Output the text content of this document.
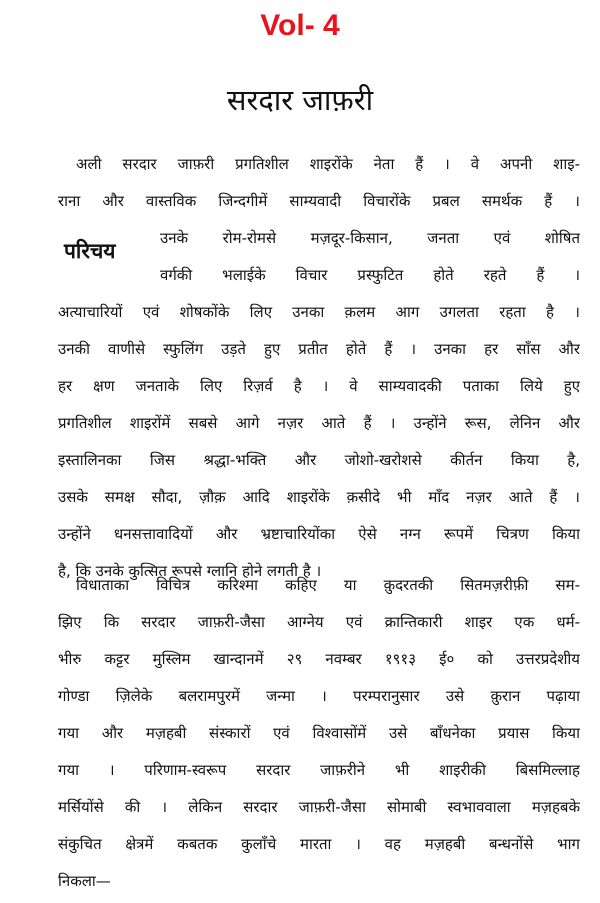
Vol- 4
सरदार जाफ़री
परिचय
अली सरदार जाफ़री प्रगतिशील शाइरोंके नेता हैं । वे अपनी शाइ-
राना और वास्तविक जिन्दगीमें साम्यवादी विचारोंके प्रबल समर्थक हैं ।
उनके रोम-रोमसे मज़दूर-किसान, जनता एवं शोषित
वर्गकी भलाईके विचार प्रस्फुटित होते रहते हैं ।
अत्याचारियों एवं शोषकोंके लिए उनका क़लम आग उगलता रहता है ।
उनकी वाणीसे स्फुलिंग उड़ते हुए प्रतीत होते हैं । उनका हर साँस और
हर क्षण जनताके लिए रिज़र्व है । वे साम्यवादकी पताका लिये हुए
प्रगतिशील शाइरोंमें सबसे आगे नज़र आते हैं । उन्होंने रूस, लेनिन और
इस्तालिनका जिस श्रद्धा-भक्ति और जोशो-खरोशसे कीर्तन किया है,
उसके समक्ष सौदा, ज़ौक़ आदि शाइरोंके क़सीदे भी माँद नज़र आते हैं ।
उन्होंने धनसत्तावादियों और भ्रष्टाचारियोंका ऐसे नग्न रूपमें चित्रण किया
है, कि उनके कुत्सित रूपसे ग्लानि होने लगती है ।
विधाताका विचित्र करिश्मा कहिए या क़ुदरतकी सितमज़रीफ़ी सम-
झिए कि सरदार जाफ़री-जैसा आग्नेय एवं क्रान्तिकारी शाइर एक धर्म-
भीरु कट्टर मुस्लिम खान्दानमें २९ नवम्बर १९१३ ई० को उत्तरप्रदेशीय
गोण्डा ज़िलेके बलरामपुरमें जन्मा । परम्परानुसार उसे क़ुरान पढ़ाया
गया और मज़हबी संस्कारों एवं विश्वासोंमें उसे बाँधनेका प्रयास किया
गया । परिणाम-स्वरूप सरदार जाफ़रीने भी शाइरीकी बिसमिल्लाह
मर्सियोंसे की । लेकिन सरदार जाफ़री-जैसा सोमाबी स्वभाववाला मज़हबके
संकुचित क्षेत्रमें कबतक कुलाँचे मारता । वह मज़हबी बन्धनोंसे भाग
निकला—
